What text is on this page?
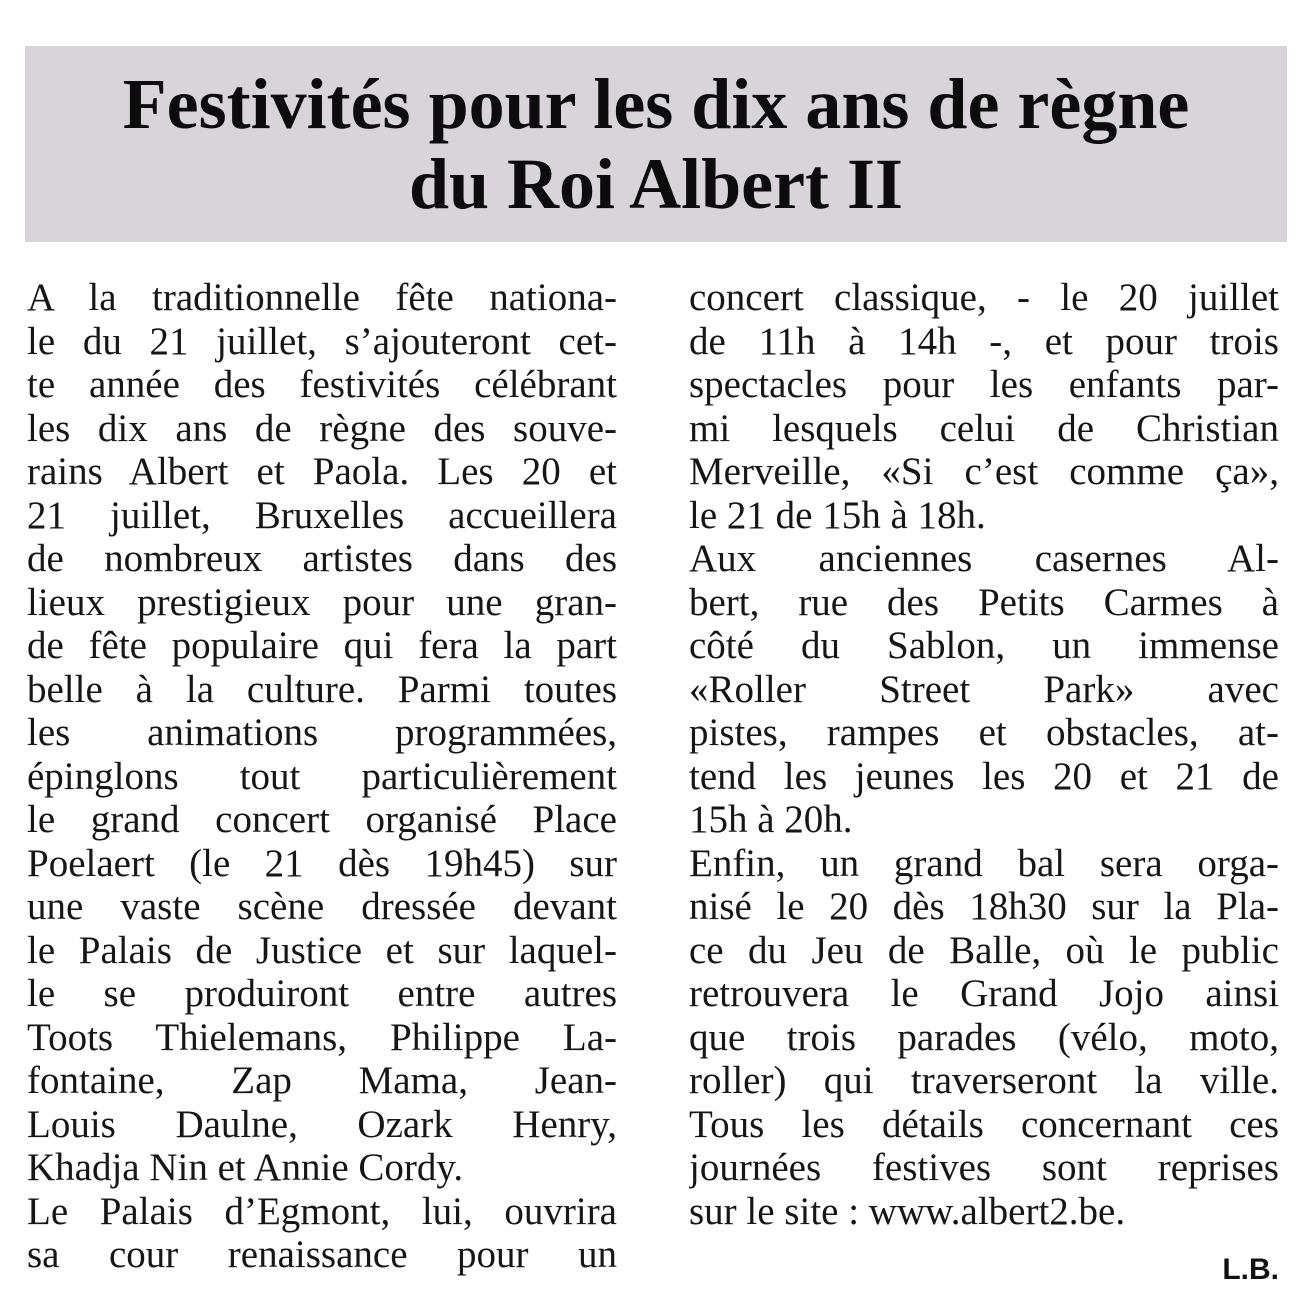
Festivités pour les dix ans de règne
du Roi Albert II
A la traditionnelle fête nationa-
le du 21 juillet, s’ajouteront cet-
te année des festivités célébrant
les dix ans de règne des souve-
rains Albert et Paola. Les 20 et
21 juillet, Bruxelles accueillera
de nombreux artistes dans des
lieux prestigieux pour une gran-
de fête populaire qui fera la part
belle à la culture. Parmi toutes
les animations programmées,
épinglons tout particulièrement
le grand concert organisé Place
Poelaert (le 21 dès 19h45) sur
une vaste scène dressée devant
le Palais de Justice et sur laquel-
le se produiront entre autres
Toots Thielemans, Philippe La-
fontaine, Zap Mama, Jean-
Louis Daulne, Ozark Henry,
Khadja Nin et Annie Cordy.
Le Palais d’Egmont, lui, ouvrira
sa cour renaissance pour un
concert classique, - le 20 juillet
de 11h à 14h -, et pour trois
spectacles pour les enfants par-
mi lesquels celui de Christian
Merveille, «Si c’est comme ça»,
le 21 de 15h à 18h.
Aux anciennes casernes Al-
bert, rue des Petits Carmes à
côté du Sablon, un immense
«Roller Street Park» avec
pistes, rampes et obstacles, at-
tend les jeunes les 20 et 21 de
15h à 20h.
Enfin, un grand bal sera orga-
nisé le 20 dès 18h30 sur la Pla-
ce du Jeu de Balle, où le public
retrouvera le Grand Jojo ainsi
que trois parades (vélo, moto,
roller) qui traverseront la ville.
Tous les détails concernant ces
journées festives sont reprises
sur le site : www.albert2.be.
L.B.
